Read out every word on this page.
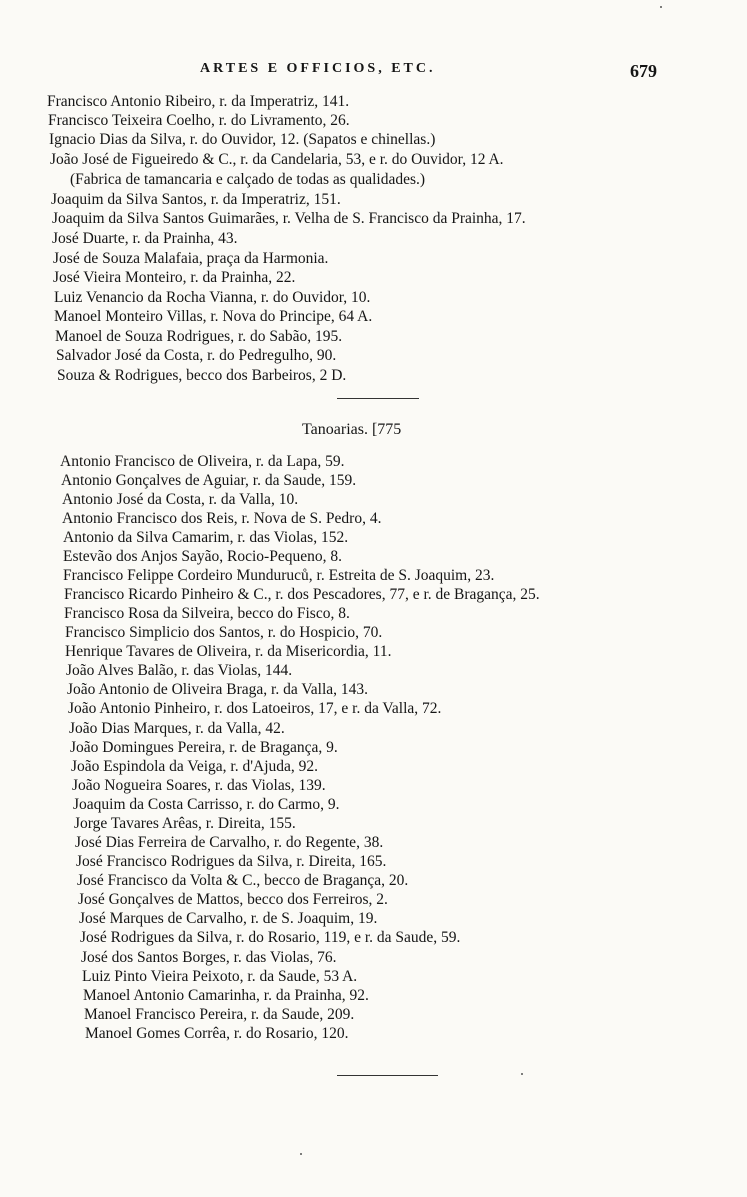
ARTES E OFFICIOS, ETC.	679
Francisco Antonio Ribeiro, r. da Imperatriz, 141.
Francisco Teixeira Coelho, r. do Livramento, 26.
Ignacio Dias da Silva, r. do Ouvidor, 12. (Sapatos e chinellas.)
João José de Figueiredo & C., r. da Candelaria, 53, e r. do Ouvidor, 12 A.
(Fabrica de tamancaria e calçado de todas as qualidades.)
Joaquim da Silva Santos, r. da Imperatriz, 151.
Joaquim da Silva Santos Guimarães, r. Velha de S. Francisco da Prainha, 17.
José Duarte, r. da Prainha, 43.
José de Souza Malafaia, praça da Harmonia.
José Vieira Monteiro, r. da Prainha, 22.
Luiz Venancio da Rocha Vianna, r. do Ouvidor, 10.
Manoel Monteiro Villas, r. Nova do Principe, 64 A.
Manoel de Souza Rodrigues, r. do Sabão, 195.
Salvador José da Costa, r. do Pedregulho, 90.
Souza & Rodrigues, becco dos Barbeiros, 2 D.
Tanoarias. [775
Antonio Francisco de Oliveira, r. da Lapa, 59.
Antonio Gonçalves de Aguiar, r. da Saude, 159.
Antonio José da Costa, r. da Valla, 10.
Antonio Francisco dos Reis, r. Nova de S. Pedro, 4.
Antonio da Silva Camarim, r. das Violas, 152.
Estevão dos Anjos Sayão, Rocio-Pequeno, 8.
Francisco Felippe Cordeiro Munduruců, r. Estreita de S. Joaquim, 23.
Francisco Ricardo Pinheiro & C., r. dos Pescadores, 77, e r. de Bragança, 25.
Francisco Rosa da Silveira, becco do Fisco, 8.
Francisco Simplicio dos Santos, r. do Hospicio, 70.
Henrique Tavares de Oliveira, r. da Misericordia, 11.
João Alves Balão, r. das Violas, 144.
João Antonio de Oliveira Braga, r. da Valla, 143.
João Antonio Pinheiro, r. dos Latoeiros, 17, e r. da Valla, 72.
João Dias Marques, r. da Valla, 42.
João Domingues Pereira, r. de Bragança, 9.
João Espindola da Veiga, r. d'Ajuda, 92.
João Nogueira Soares, r. das Violas, 139.
Joaquim da Costa Carrisso, r. do Carmo, 9.
Jorge Tavares Arêas, r. Direita, 155.
José Dias Ferreira de Carvalho, r. do Regente, 38.
José Francisco Rodrigues da Silva, r. Direita, 165.
José Francisco da Volta & C., becco de Bragança, 20.
José Gonçalves de Mattos, becco dos Ferreiros, 2.
José Marques de Carvalho, r. de S. Joaquim, 19.
José Rodrigues da Silva, r. do Rosario, 119, e r. da Saude, 59.
José dos Santos Borges, r. das Violas, 76.
Luiz Pinto Vieira Peixoto, r. da Saude, 53 A.
Manoel Antonio Camarinha, r. da Prainha, 92.
Manoel Francisco Pereira, r. da Saude, 209.
Manoel Gomes Corrêa, r. do Rosario, 120.
